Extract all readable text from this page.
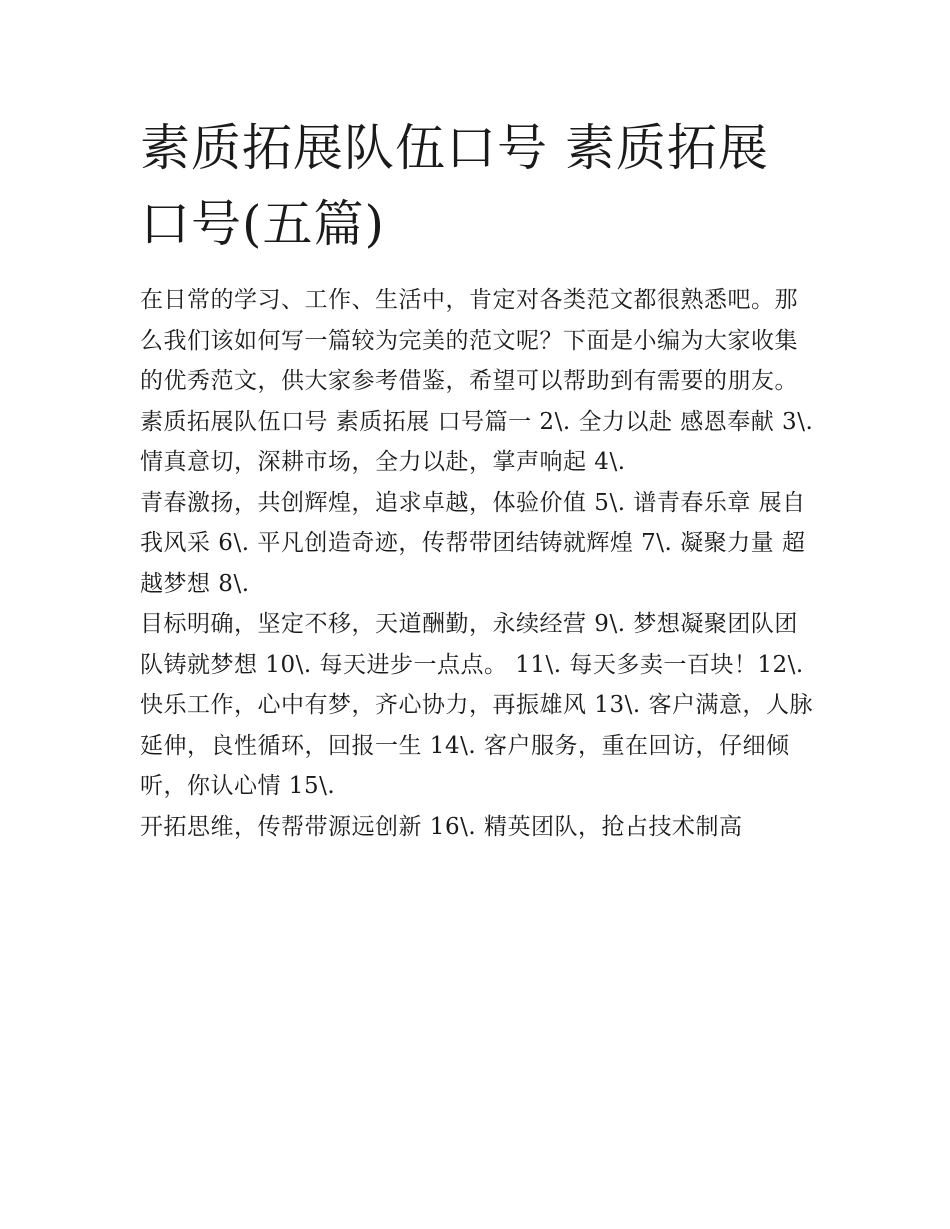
素质拓展队伍口号 素质拓展 口号(五篇)

在日常的学习、工作、生活中，肯定对各类范文都很熟悉吧。那么我们该如何写一篇较为完美的范文呢？下面是小编为大家收集的优秀范文，供大家参考借鉴，希望可以帮助到有需要的朋友。

素质拓展队伍口号 素质拓展 口号篇一 2\. 全力以赴 感恩奉献 3\. 情真意切，深耕市场，全力以赴，掌声响起 4\.

青春激扬，共创辉煌，追求卓越，体验价值 5\. 谱青春乐章 展自我风采 6\. 平凡创造奇迹，传帮带团结铸就辉煌 7\. 凝聚力量 超越梦想 8\.

目标明确，坚定不移，天道酬勤，永续经营 9\. 梦想凝聚团队团队铸就梦想 10\. 每天进步一点点。 11\. 每天多卖一百块！12\.

快乐工作，心中有梦，齐心协力，再振雄风 13\. 客户满意，人脉延伸，良性循环，回报一生 14\. 客户服务，重在回访，仔细倾听，你认心情 15\.

开拓思维，传帮带源远创新 16\. 精英团队，抢占技术制高
